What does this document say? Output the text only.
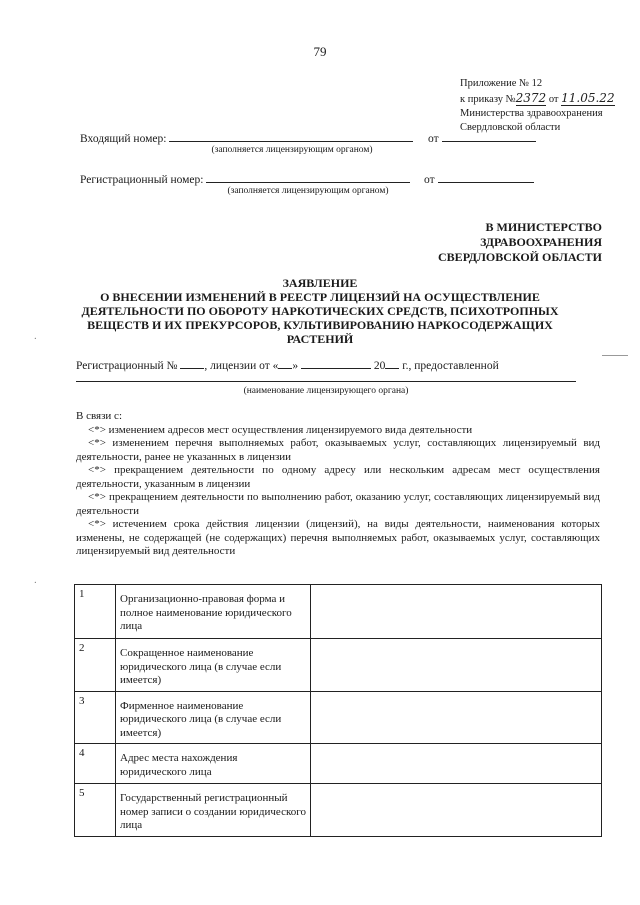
79
Приложение № 12
к приказу №2372 от 11.05.22
Министерства здравоохранения
Свердловской области
Входящий номер:	от
(заполняется лицензирующим органом)
Регистрационный номер:	от
(заполняется лицензирующим органом)
В МИНИСТЕРСТВО
ЗДРАВООХРАНЕНИЯ
СВЕРДЛОВСКОЙ ОБЛАСТИ
ЗАЯВЛЕНИЕ
О ВНЕСЕНИИ ИЗМЕНЕНИЙ В РЕЕСТР ЛИЦЕНЗИЙ НА ОСУЩЕСТВЛЕНИЕ
ДЕЯТЕЛЬНОСТИ ПО ОБОРОТУ НАРКОТИЧЕСКИХ СРЕДСТВ, ПСИХОТРОПНЫХ
ВЕЩЕСТВ И ИХ ПРЕКУРСОРОВ, КУЛЬТИВИРОВАНИЮ НАРКОСОДЕРЖАЩИХ
РАСТЕНИЙ
Регистрационный № , лицензии от « »	20 г., предоставленной
(наименование лицензирующего органа)

В связи с:

<*> изменением адресов мест осуществления лицензируемого вида деятельности

<*> изменением перечня выполняемых работ, оказываемых услуг, составляющих лицензируемый вид деятельности, ранее не указанных в лицензии

<*> прекращением деятельности по одному адресу или нескольким адресам мест осуществления деятельности, указанным в лицензии

<*> прекращением деятельности по выполнению работ, оказанию услуг, составляющих лицензируемый вид деятельности

<*> истечением срока действия лицензии (лицензий), на виды деятельности, наименования которых изменены, не содержащей (не содержащих) перечня выполняемых работ, оказываемых услуг, составляющих лицензируемый вид деятельности

.
.
1	Организационно-правовая форма и полное наименование юридического лица	
2	Сокращенное наименование юридического лица (в случае если имеется)	
3	Фирменное наименование юридического лица (в случае если имеется)	
4	Адрес места нахождения юридического лица	
5	Государственный регистрационный номер записи о создании юридического лица	
